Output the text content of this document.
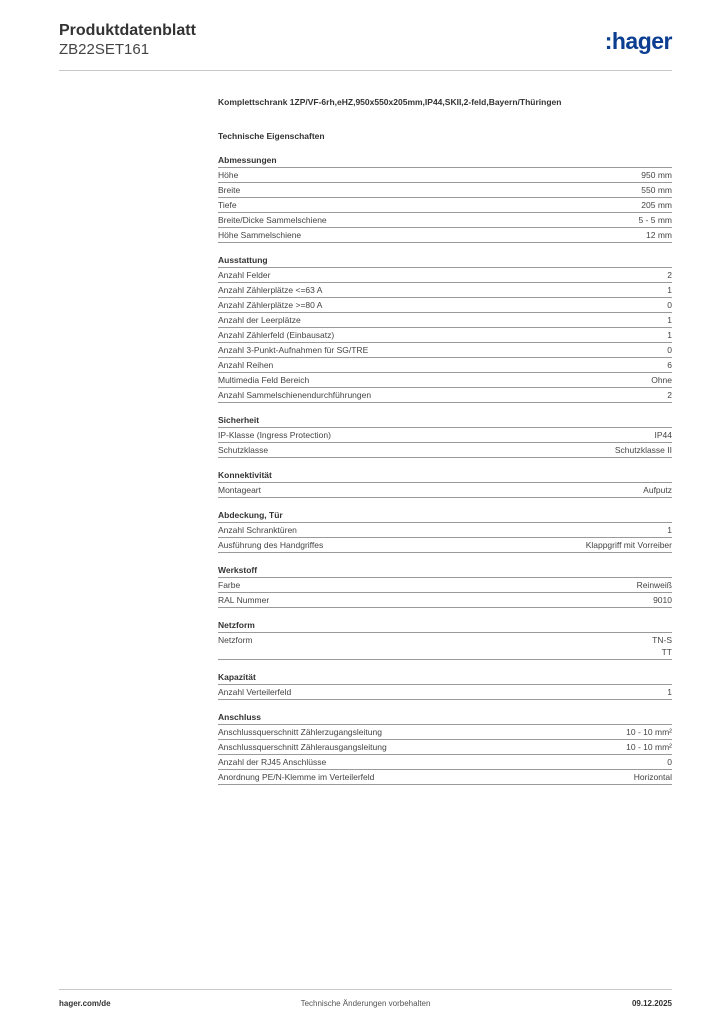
Produktdatenblatt
ZB22SET161	:hager
Komplettschrank 1ZP/VF-6rh,eHZ,950x550x205mm,IP44,SKII,2-feld,Bayern/Thüringen
Technische Eigenschaften
Abmessungen
Höhe	950 mm
Breite	550 mm
Tiefe	205 mm
Breite/Dicke Sammelschiene	5 - 5 mm
Höhe Sammelschiene	12 mm
Ausstattung
Anzahl Felder	2
Anzahl Zählerplätze <=63 A	1
Anzahl Zählerplätze >=80 A	0
Anzahl der Leerplätze	1
Anzahl Zählerfeld (Einbausatz)	1
Anzahl 3-Punkt-Aufnahmen für SG/TRE	0
Anzahl Reihen	6
Multimedia Feld Bereich	Ohne
Anzahl Sammelschienendurchführungen	2
Sicherheit
IP-Klasse (Ingress Protection)	IP44
Schutzklasse	Schutzklasse II
Konnektivität
Montageart	Aufputz
Abdeckung, Tür
Anzahl Schranktüren	1
Ausführung des Handgriffes	Klappgriff mit Vorreiber
Werkstoff
Farbe	Reinweiß
RAL Nummer	9010
Netzform
Netzform	TN-S
TT
Kapazität
Anzahl Verteilerfeld	1
Anschluss
Anschlussquerschnitt Zählerzugangsleitung	10 - 10 mm²
Anschlussquerschnitt Zählerausgangsleitung	10 - 10 mm²
Anzahl der RJ45 Anschlüsse	0
Anordnung PE/N-Klemme im Verteilerfeld	Horizontal
hager.com/de	Technische Änderungen vorbehalten	09.12.2025
